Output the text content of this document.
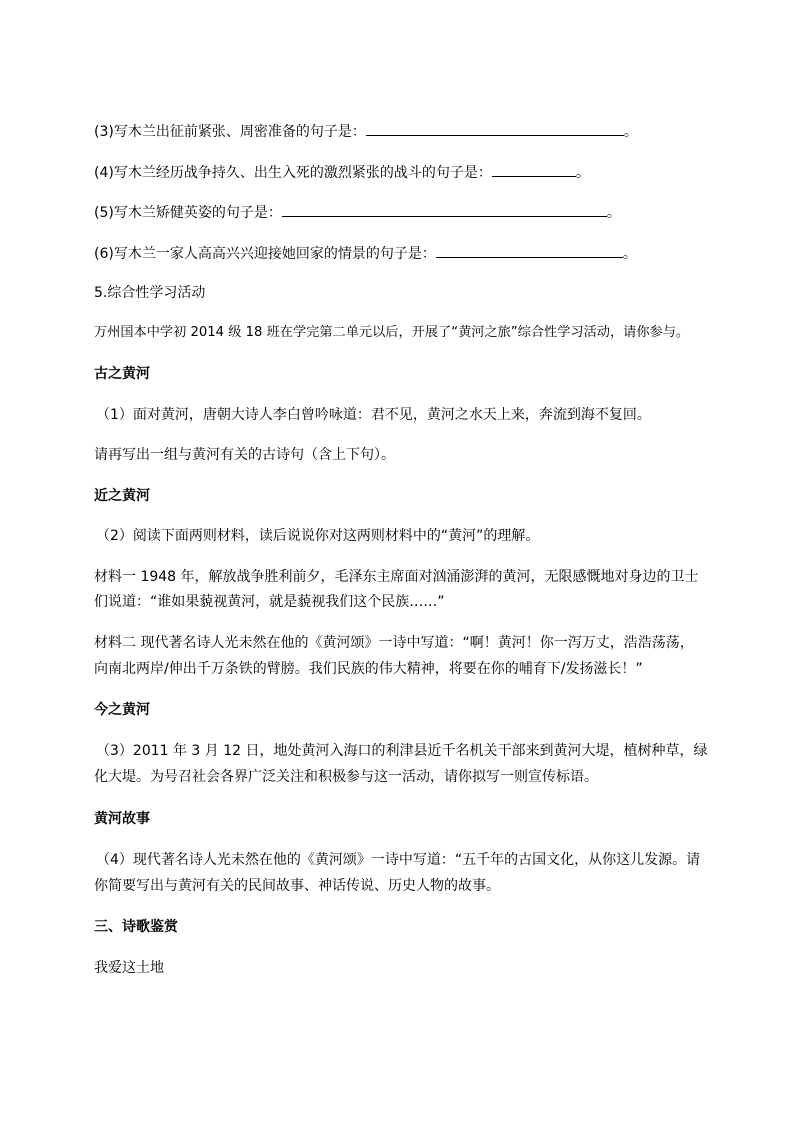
(3)写木兰出征前紧张、周密准备的句子是：	。
(4)写木兰经历战争持久、出生入死的激烈紧张的战斗的句子是：	。
(5)写木兰矫健英姿的句子是：	。
(6)写木兰一家人高高兴兴迎接她回家的情景的句子是：	。
5.综合性学习活动
万州国本中学初 2014 级 18 班在学完第二单元以后，开展了“黄河之旅”综合性学习活动，请你参与。
古之黄河
（1）面对黄河，唐朝大诗人李白曾吟咏道：君不见，黄河之水天上来，奔流到海不复回。
请再写出一组与黄河有关的古诗句（含上下句）。
近之黄河
（2）阅读下面两则材料，读后说说你对这两则材料中的“黄河”的理解。
材料一 1948 年，解放战争胜利前夕，毛泽东主席面对汹涌澎湃的黄河，无限感慨地对身边的卫士
们说道：“谁如果藐视黄河，就是藐视我们这个民族……”
材料二 现代著名诗人光未然在他的《黄河颂》一诗中写道：“啊！黄河！你一泻万丈，浩浩荡荡，
向南北两岸/伸出千万条铁的臂膀。我们民族的伟大精神，将要在你的哺育下/发扬滋长！”
今之黄河
（3）2011 年 3 月 12 日，地处黄河入海口的利津县近千名机关干部来到黄河大堤，植树种草，绿
化大堤。为号召社会各界广泛关注和积极参与这一活动，请你拟写一则宣传标语。
黄河故事
（4）现代著名诗人光未然在他的《黄河颂》一诗中写道：“五千年的古国文化，从你这儿发源。请
你简要写出与黄河有关的民间故事、神话传说、历史人物的故事。
三、诗歌鉴赏
我爱这土地
